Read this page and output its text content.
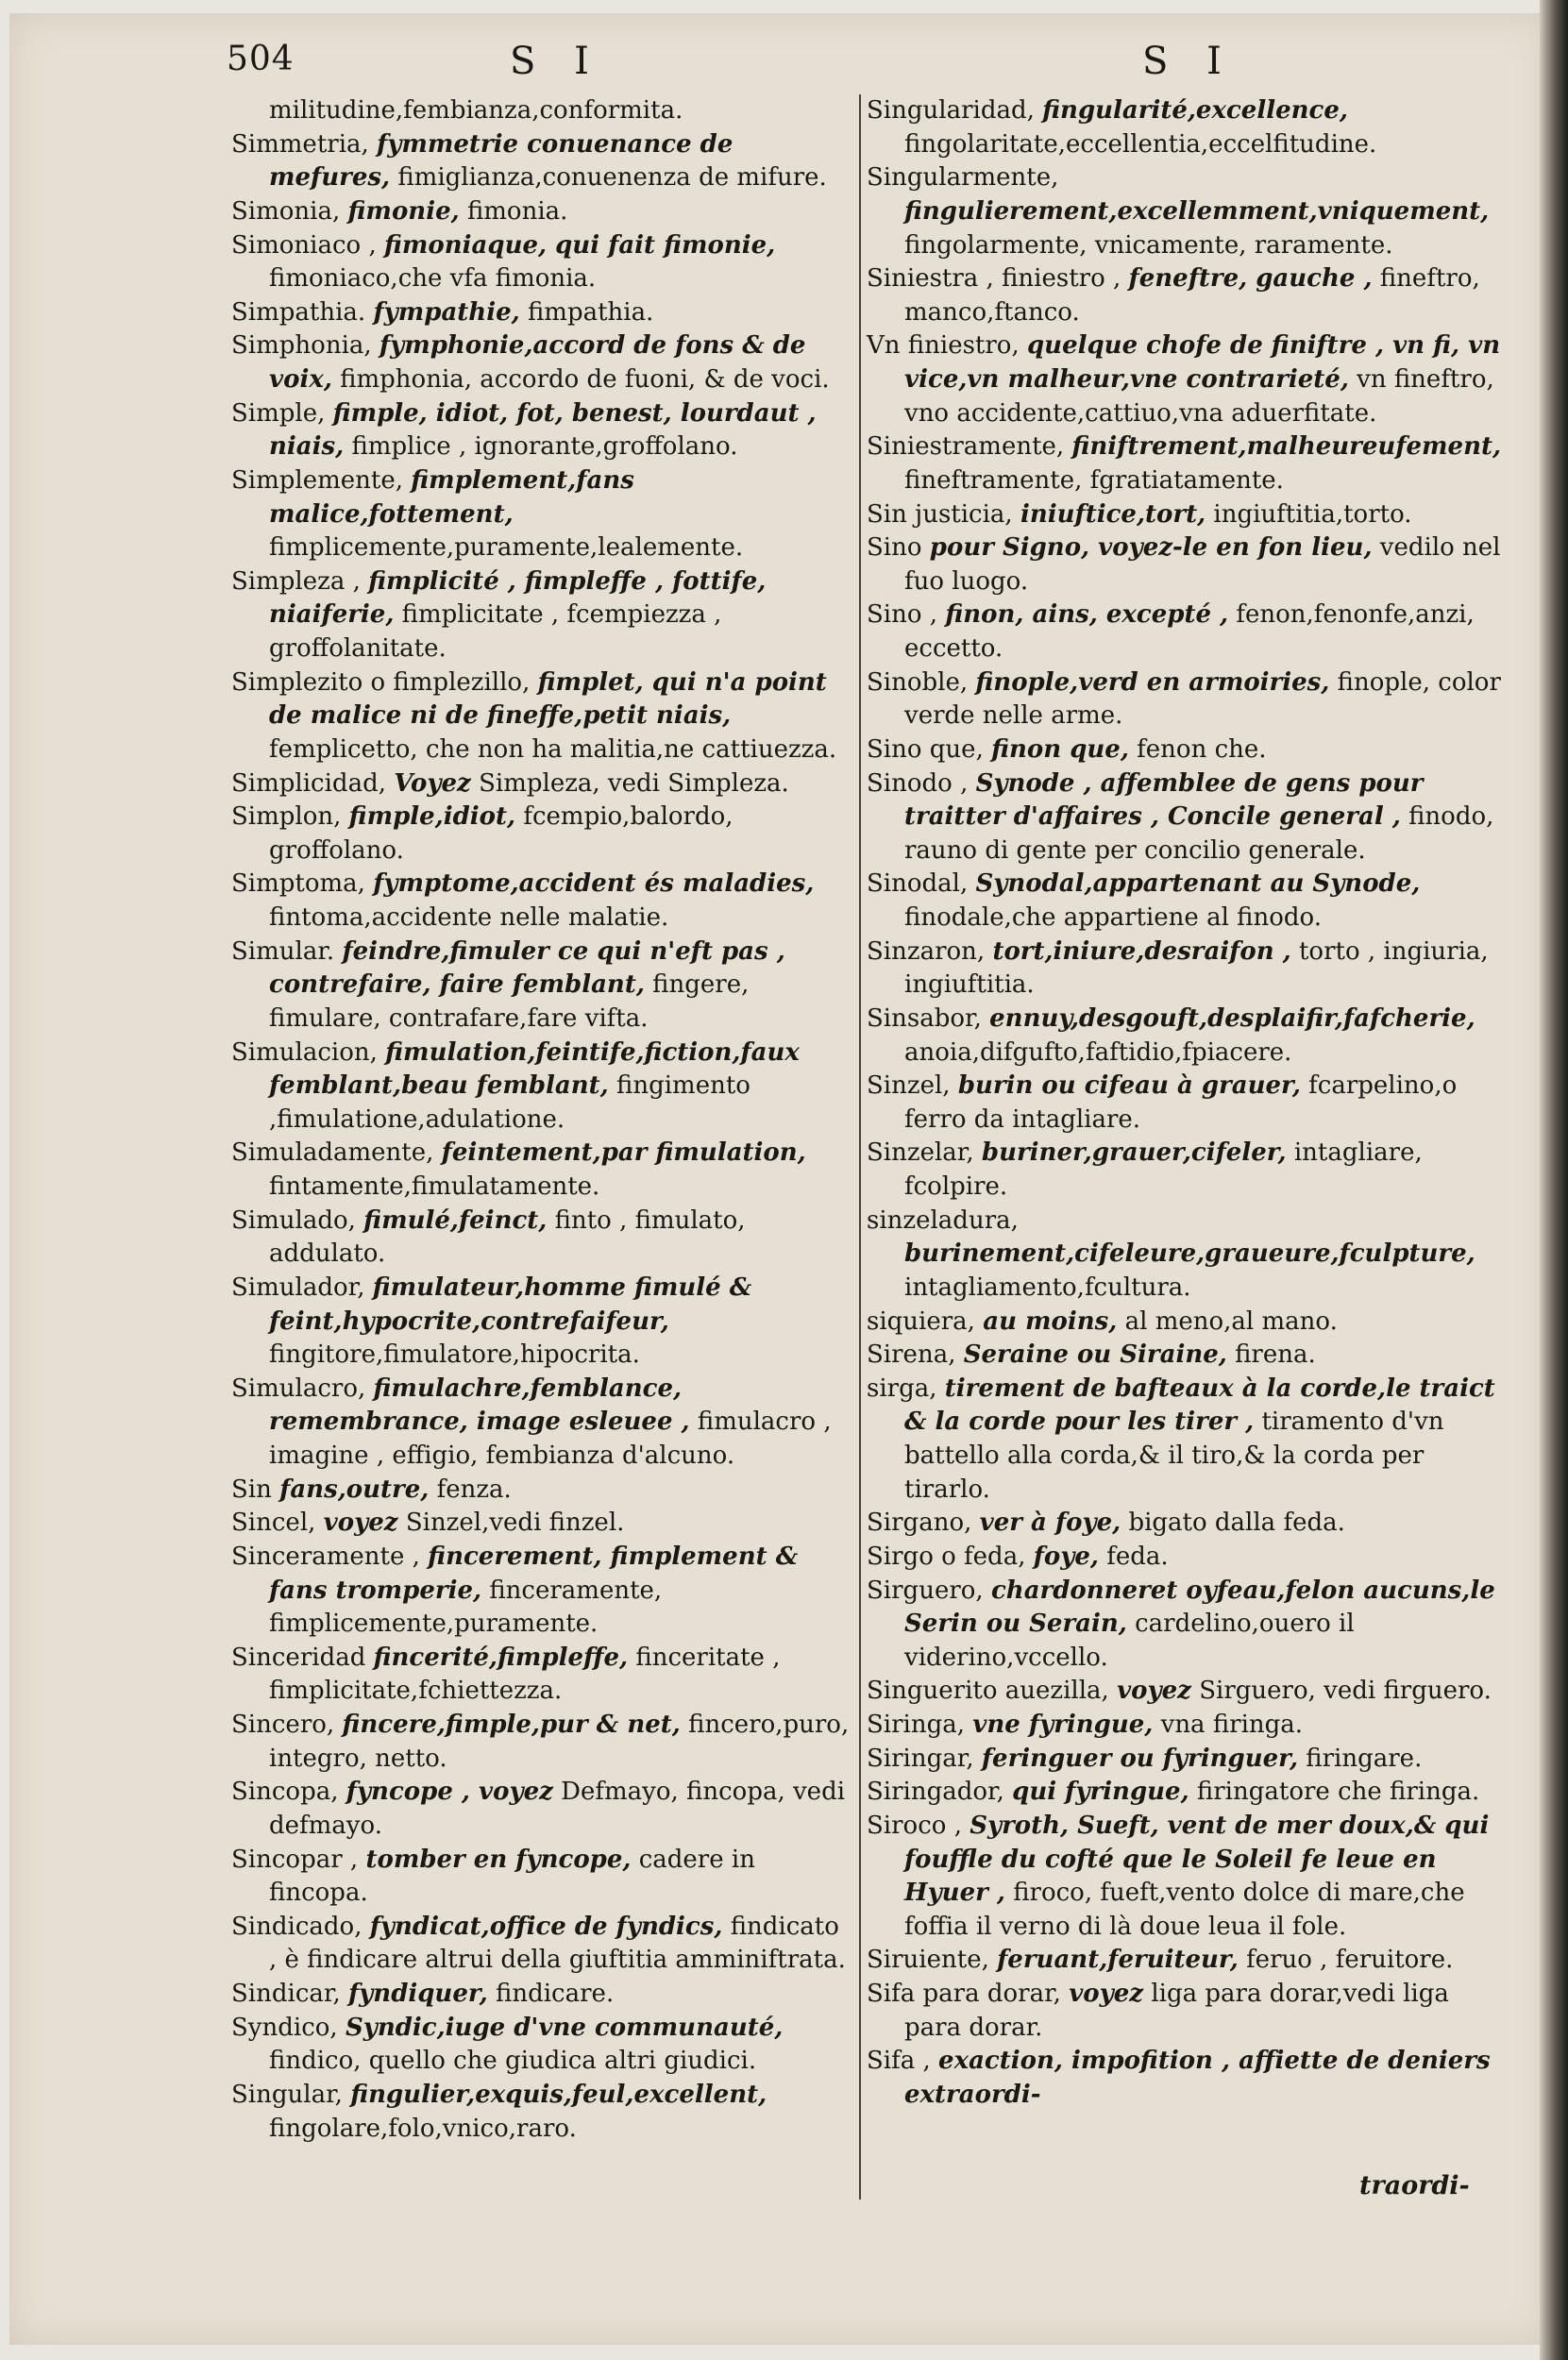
504	S I	S I

militudine,fembianza,conformita.

Simmetria, fymmetrie conuenance de mefures, fimiglianza,conuenenza de mifure.

Simonia, fimonie, fimonia.

Simoniaco , fimoniaque, qui fait fimonie, fimoniaco,che vfa fimonia.

Simpathia. fympathie, fimpathia.

Simphonia, fymphonie,accord de fons & de voix, fimphonia, accordo de fuoni, & de voci.

Simple, fimple, idiot, fot, benest, lourdaut , niais, fimplice , ignorante,groffolano.

Simplemente, fimplement,fans malice,fottement, fimplicemente,puramente,lealemente.

Simpleza , fimplicité , fimpleffe , fottife, niaiferie, fimplicitate , fcempiezza , groffolanitate.

Simplezito o fimplezillo, fimplet, qui n'a point de malice ni de fineffe,petit niais, femplicetto, che non ha malitia,ne cattiuezza.

Simplicidad, Voyez Simpleza, vedi Simpleza.

Simplon, fimple,idiot, fcempio,balordo, groffolano.

Simptoma, fymptome,accident és maladies, fintoma,accidente nelle malatie.

Simular. feindre,fimuler ce qui n'eft pas , contrefaire, faire femblant, fingere, fimulare, contrafare,fare vifta.

Simulacion, fimulation,feintife,fiction,faux femblant,beau femblant, fingimento ,fimulatione,adulatione.

Simuladamente, feintement,par fimulation, fintamente,fimulatamente.

Simulado, fimulé,feinct, finto , fimulato, addulato.

Simulador, fimulateur,homme fimulé & feint,hypocrite,contrefaifeur, fingitore,fimulatore,hipocrita.

Simulacro, fimulachre,femblance, remembrance, image esleuee , fimulacro , imagine , effigio, fembianza d'alcuno.

Sin fans,outre, fenza.

Sincel, voyez Sinzel,vedi finzel.

Sinceramente , fincerement, fimplement & fans tromperie, finceramente, fimplicemente,puramente.

Sinceridad fincerité,fimpleffe, finceritate , fimplicitate,fchiettezza.

Sincero, fincere,fimple,pur & net, fincero,puro, integro, netto.

Sincopa, fyncope , voyez Defmayo, fincopa, vedi defmayo.

Sincopar , tomber en fyncope, cadere in fincopa.

Sindicado, fyndicat,office de fyndics, findicato , è findicare altrui della giuftitia amminiftrata.

Sindicar, fyndiquer, findicare.

Syndico, Syndic,iuge d'vne communauté, findico, quello che giudica altri giudici.

Singular, fingulier,exquis,feul,excellent, fingolare,folo,vnico,raro.

Singularidad, fingularité,excellence, fingolaritate,eccellentia,eccelfitudine.

Singularmente, fingulierement,excellemment,vniquement, fingolarmente, vnicamente, raramente.

Siniestra , finiestro , feneftre, gauche , fineftro, manco,ftanco.

Vn finiestro, quelque chofe de finiftre , vn fi, vn vice,vn malheur,vne contrarieté, vn fineftro, vno accidente,cattiuo,vna aduerfitate.

Siniestramente, finiftrement,malheureufement, fineftramente, fgratiatamente.

Sin justicia, iniuftice,tort, ingiuftitia,torto.

Sino pour Signo, voyez-le en fon lieu, vedilo nel fuo luogo.

Sino , finon, ains, excepté , fenon,fenonfe,anzi, eccetto.

Sinoble, finople,verd en armoiries, finople, color verde nelle arme.

Sino que, finon que, fenon che.

Sinodo , Synode , affemblee de gens pour traitter d'affaires , Concile general , finodo, rauno di gente per concilio generale.

Sinodal, Synodal,appartenant au Synode, finodale,che appartiene al finodo.

Sinzaron, tort,iniure,desraifon , torto , ingiuria, ingiuftitia.

Sinsabor, ennuy,desgouft,desplaifir,fafcherie, anoia,difgufto,faftidio,fpiacere.

Sinzel, burin ou cifeau à grauer, fcarpelino,o ferro da intagliare.

Sinzelar, buriner,grauer,cifeler, intagliare, fcolpire.

sinzeladura, burinement,cifeleure,graueure,fculpture, intagliamento,fcultura.

siquiera, au moins, al meno,al mano.

Sirena, Seraine ou Siraine, firena.

sirga, tirement de bafteaux à la corde,le traict & la corde pour les tirer , tiramento d'vn battello alla corda,& il tiro,& la corda per tirarlo.

Sirgano, ver à foye, bigato dalla feda.

Sirgo o feda, foye, feda.

Sirguero, chardonneret oyfeau,felon aucuns,le Serin ou Serain, cardelino,ouero il viderino,vccello.

Singuerito auezilla, voyez Sirguero, vedi firguero.

Siringa, vne fyringue, vna firinga.

Siringar, feringuer ou fyringuer, firingare.

Siringador, qui fyringue, firingatore che firinga.

Siroco , Syroth, Sueft, vent de mer doux,& qui fouffle du cofté que le Soleil fe leue en Hyuer , firoco, fueft,vento dolce di mare,che foffia il verno di là doue leua il fole.

Siruiente, feruant,feruiteur, feruo , feruitore.

Sifa para dorar, voyez liga para dorar,vedi liga para dorar.

Sifa , exaction, impofition , affiette de deniers extraordi-

traordi-
